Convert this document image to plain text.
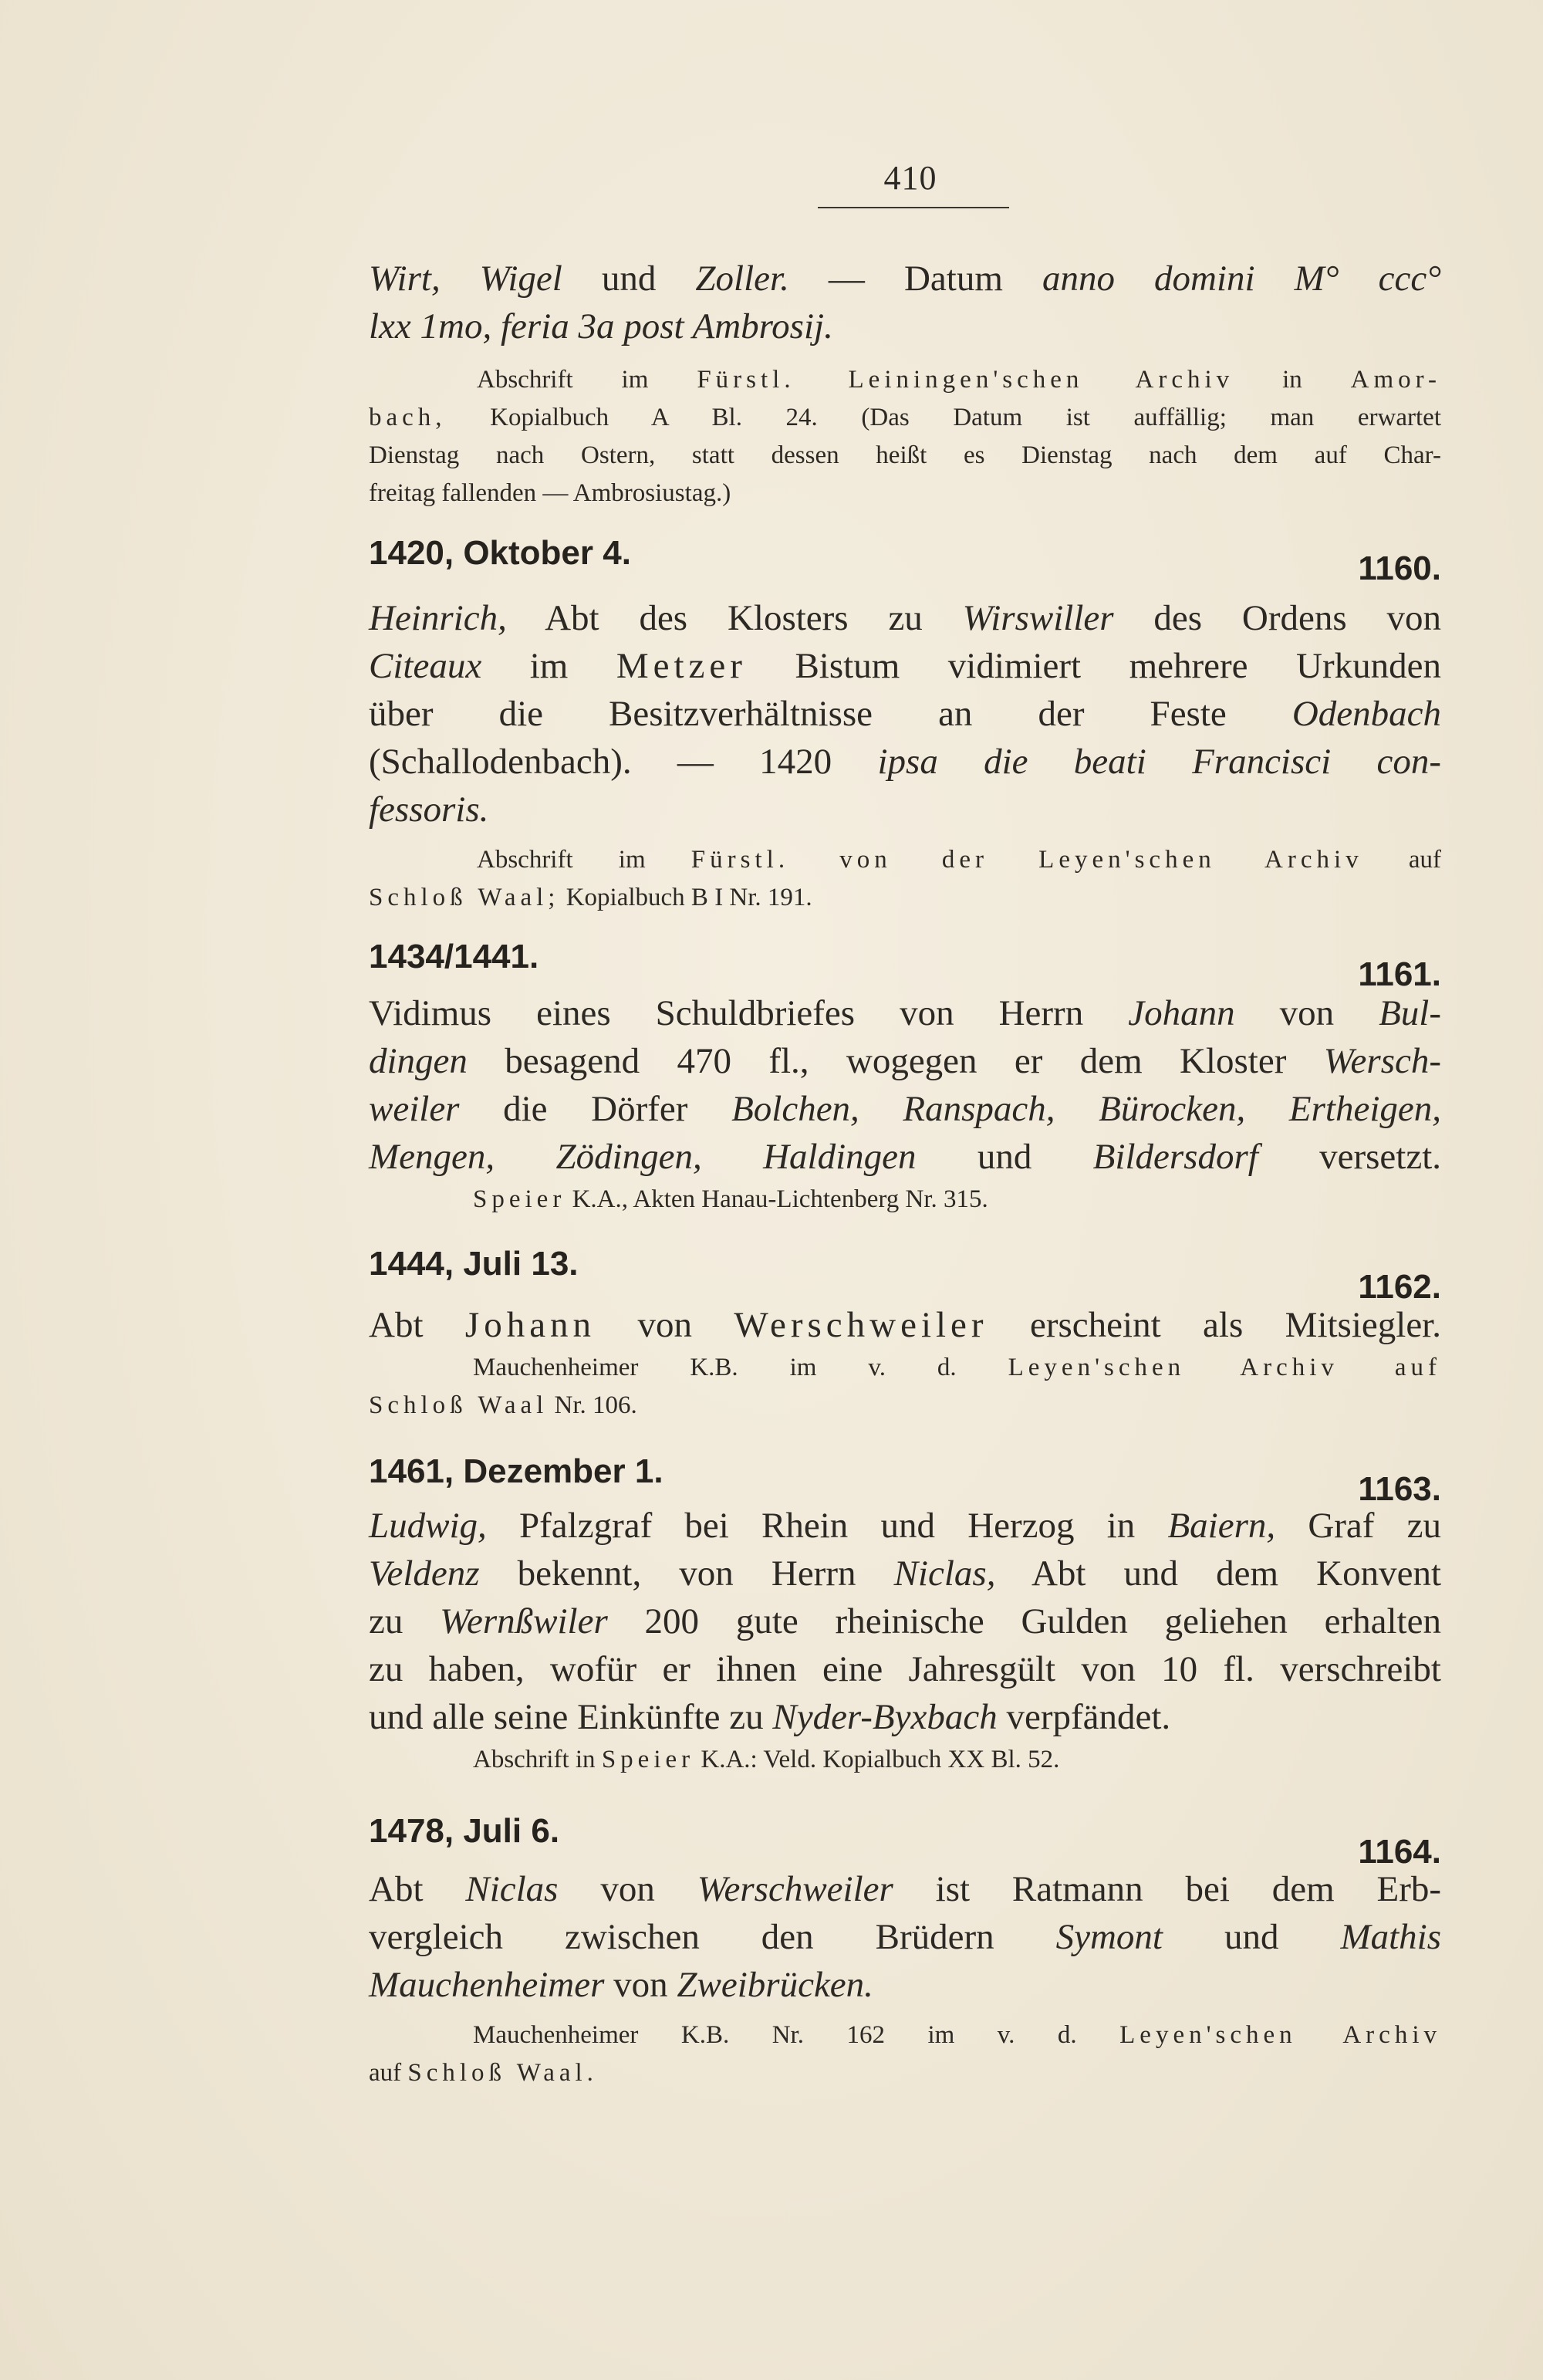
410
Wirt, Wigel und Zoller. — Datum anno domini M° ccc°
lxx 1mo, feria 3a post Ambrosij.
Abschrift im Fürstl. Leiningen'schen Archiv in Amor-
bach, Kopialbuch A Bl. 24. (Das Datum ist auffällig; man erwartet
Dienstag nach Ostern, statt dessen heißt es Dienstag nach dem auf Char-
freitag fallenden — Ambrosiustag.)
1420, Oktober 4.	1160.
Heinrich, Abt des Klosters zu Wirswiller des Ordens von
Citeaux im Metzer Bistum vidimiert mehrere Urkunden
über die Besitzverhältnisse an der Feste Odenbach
(Schallodenbach). — 1420 ipsa die beati Francisci con-
fessoris.
Abschrift im Fürstl. von der Leyen'schen Archiv auf
Schloß Waal; Kopialbuch B I Nr. 191.
1434/1441.	1161.
Vidimus eines Schuldbriefes von Herrn Johann von Bul-
dingen besagend 470 fl., wogegen er dem Kloster Wersch-
weiler die Dörfer Bolchen, Ranspach, Bürocken, Ertheigen,
Mengen, Zödingen, Haldingen und Bildersdorf versetzt.
Speier K.A., Akten Hanau-Lichtenberg Nr. 315.
1444, Juli 13.
1162.
Abt Johann von Werschweiler erscheint als Mitsiegler.
Mauchenheimer K.B. im v. d. Leyen'schen Archiv auf
Schloß Waal Nr. 106.
1461, Dezember 1.	1163.
Ludwig, Pfalzgraf bei Rhein und Herzog in Baiern, Graf zu
Veldenz bekennt, von Herrn Niclas, Abt und dem Konvent
zu Wernßwiler 200 gute rheinische Gulden geliehen erhalten
zu haben, wofür er ihnen eine Jahresgült von 10 fl. verschreibt
und alle seine Einkünfte zu Nyder-Byxbach verpfändet.
Abschrift in Speier K.A.: Veld. Kopialbuch XX Bl. 52.
1478, Juli 6.
1164.
Abt Niclas von Werschweiler ist Ratmann bei dem Erb-
vergleich zwischen den Brüdern Symont und Mathis
Mauchenheimer von Zweibrücken.
Mauchenheimer K.B. Nr. 162 im v. d. Leyen'schen Archiv
auf Schloß Waal.
